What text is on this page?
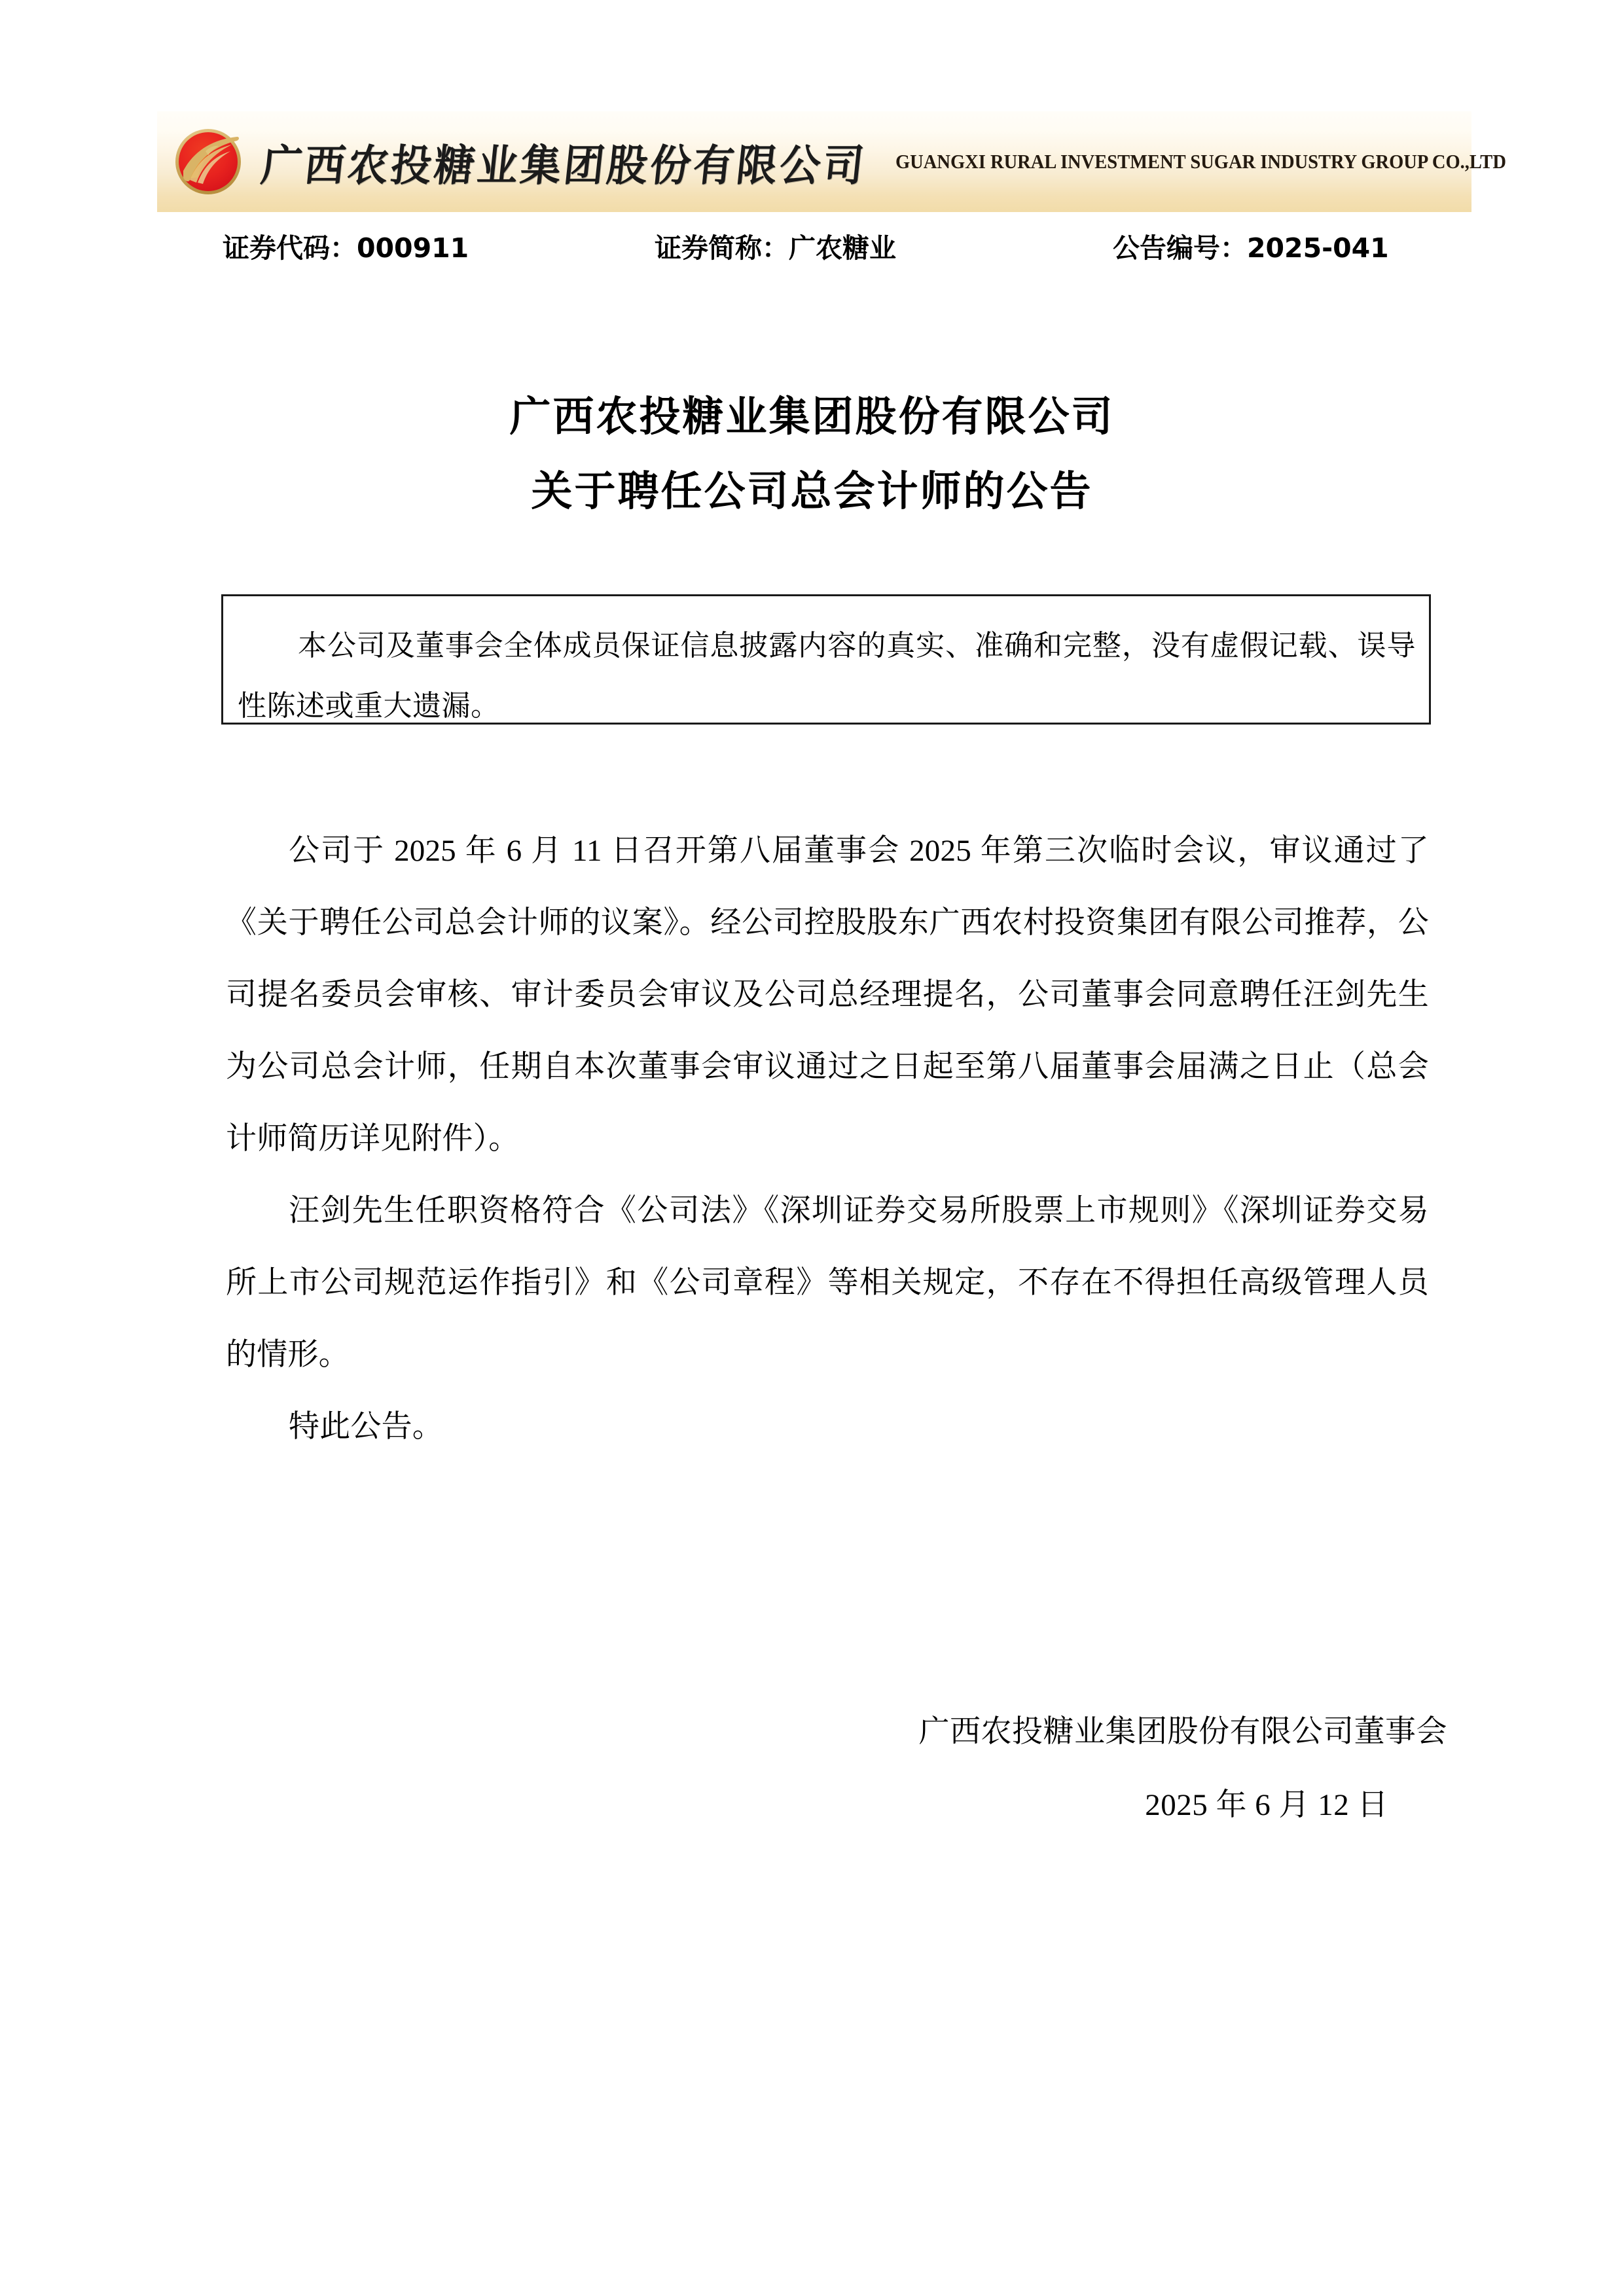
广西农投糖业集团股份有限公司 GUANGXI RURAL INVESTMENT SUGAR INDUSTRY GROUP CO.,LTD
证券代码：000911	证券简称：广农糖业	公告编号：2025-041
广西农投糖业集团股份有限公司
关于聘任公司总会计师的公告
本公司及董事会全体成员保证信息披露内容的真实、准确和完整，没有虚假记载、误导性陈述或重大遗漏。

公司于 2025 年 6 月 11 日召开第八届董事会 2025 年第三次临时会议，审议通过了《关于聘任公司总会计师的议案》。经公司控股股东广西农村投资集团有限公司推荐，公司提名委员会审核、审计委员会审议及公司总经理提名，公司董事会同意聘任汪剑先生为公司总会计师，任期自本次董事会审议通过之日起至第八届董事会届满之日止（总会计师简历详见附件）。

汪剑先生任职资格符合《公司法》《深圳证券交易所股票上市规则》《深圳证券交易所上市公司规范运作指引》和《公司章程》等相关规定，不存在不得担任高级管理人员的情形。

特此公告。

广西农投糖业集团股份有限公司董事会
2025 年 6 月 12 日
